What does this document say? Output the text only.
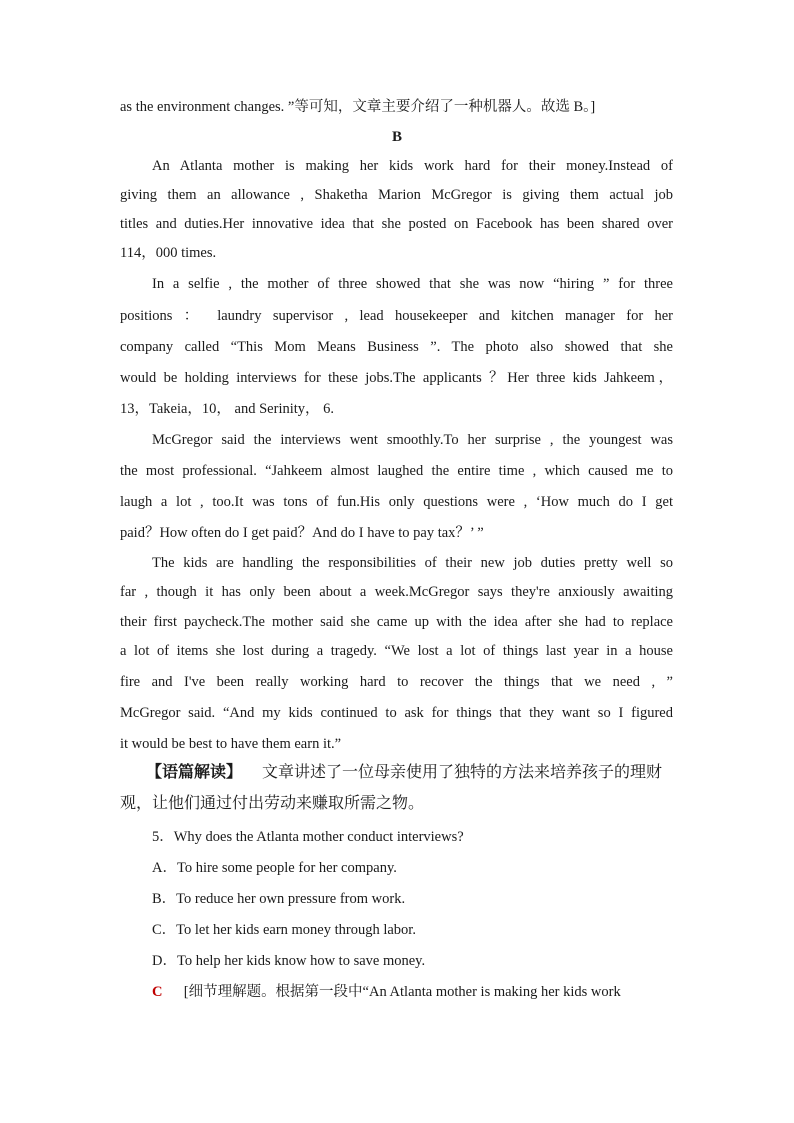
as the environment changes. ”等可知，文章主要介绍了一种机器人。故选 B。]
B
An Atlanta mother is making her kids work hard for their money.Instead of
giving them an allowance , Shaketha Marion McGregor is giving them actual job
titles and duties.Her innovative idea that she posted on Facebook has been shared over
114，000 times.
In a selfie , the mother of three showed that she was now “hiring ” for three
positions ： laundry supervisor , lead housekeeper and kitchen manager for her
company called “This Mom Means Business ”. The photo also showed that she
would be holding interviews for these jobs.The applicants ？Her three kids Jahkeem，
13，Takeia，10， and Serinity， 6.
McGregor said the interviews went smoothly.To her surprise , the youngest was
the most professional. “Jahkeem almost laughed the entire time , which caused me to
laugh a lot , too.It was tons of fun.His only questions were , ‘How much do I get
paid？How often do I get paid？And do I have to pay tax？’ ”
The kids are handling the responsibilities of their new job duties pretty well so
far , though it has only been about a week.McGregor says they're anxiously awaiting
their first paycheck.The mother said she came up with the idea after she had to replace
a lot of items she lost during a tragedy. “We lost a lot of things last year in a house
fire and I've been really working hard to recover the things that we need , ”
McGregor said. “And my kids continued to ask for things that they want so I figured
it would be best to have them earn it.”
【语篇解读】 文章讲述了一位母亲使用了独特的方法来培养孩子的理财
观，让他们通过付出劳动来赚取所需之物。
5．Why does the Atlanta mother conduct interviews?
A．To hire some people for her company.
B．To reduce her own pressure from work.
C．To let her kids earn money through labor.
D．To help her kids know how to save money.
C [细节理解题。根据第一段中“An Atlanta mother is making her kids work
